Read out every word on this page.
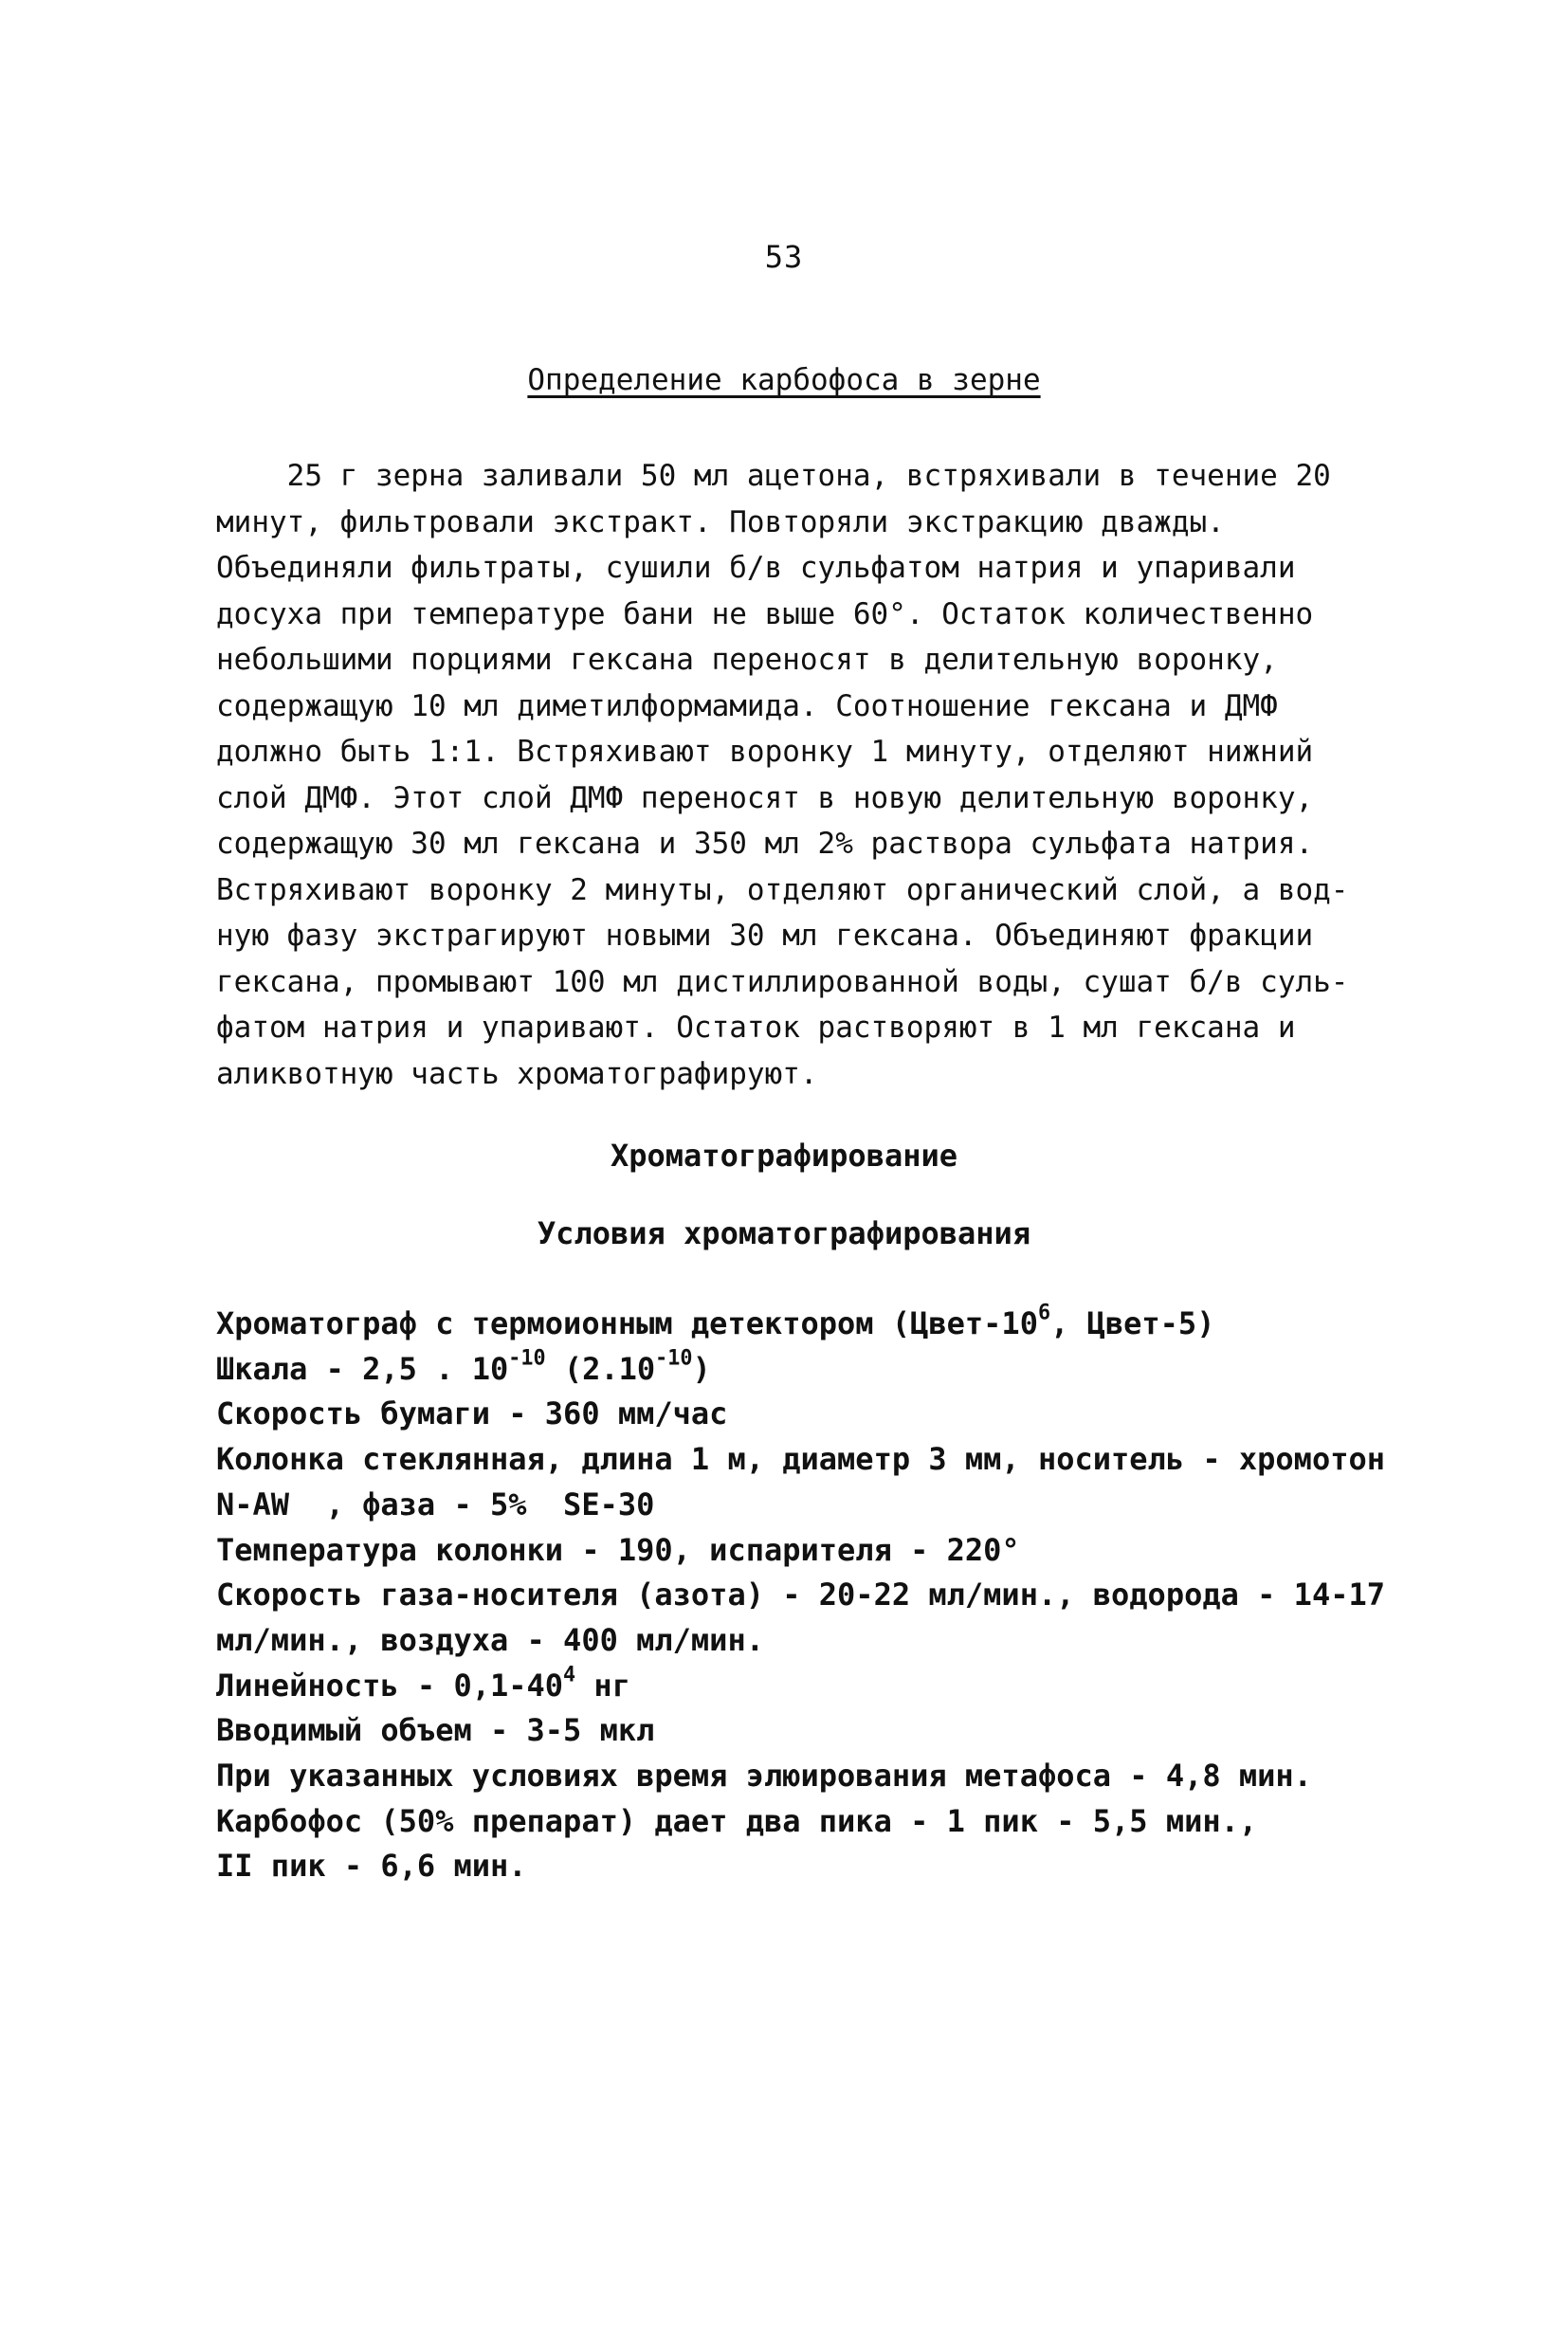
53
Определение карбофоса в зерне
25 г зерна заливали 50 мл ацетона, встряхивали в течение 20
минут, фильтровали экстракт. Повторяли экстракцию дважды.
Объединяли фильтраты, сушили б/в сульфатом натрия и упаривали
досуха при температуре бани не выше 60°. Остаток количественно
небольшими порциями гексана переносят в делительную воронку,
содержащую 10 мл диметилформамида. Соотношение гексана и ДМФ
должно быть 1:1. Встряхивают воронку 1 минуту, отделяют нижний
слой ДМФ. Этот слой ДМФ переносят в новую делительную воронку,
содержащую 30 мл гексана и 350 мл 2% раствора сульфата натрия.
Встряхивают воронку 2 минуты, отделяют органический слой, а вод-
ную фазу экстрагируют новыми 30 мл гексана. Объединяют фракции
гексана, промывают 100 мл дистиллированной воды, сушат б/в суль-
фатом натрия и упаривают. Остаток растворяют в 1 мл гексана и
аликвотную часть хроматографируют.
Хроматографирование
Условия хроматографирования
Хроматограф с термоионным детектором ($Цвет-10^6$, Цвет-5)
Шкала - 2,5 . $10^{-10}$ $(2.10^{-10})$
Скорость бумаги - 360 мм/час
Колонка стеклянная, длина 1 м, диаметр 3 мм, носитель - хромотон
N-AW  , фаза - 5%  SE-30
Температура колонки - 190, испарителя - 220°
Скорость газа-носителя (азота) - 20-22 мл/мин., водорода - 14-17
мл/мин., воздуха - 400 мл/мин.
Линейность - $0,1-40^4$ нг
Вводимый объем - 3-5 мкл
При указанных условиях время элюирования метафоса - 4,8 мин.
Карбофос (50% препарат) дает два пика - 1 пик - 5,5 мин.,
II пик - 6,6 мин.
